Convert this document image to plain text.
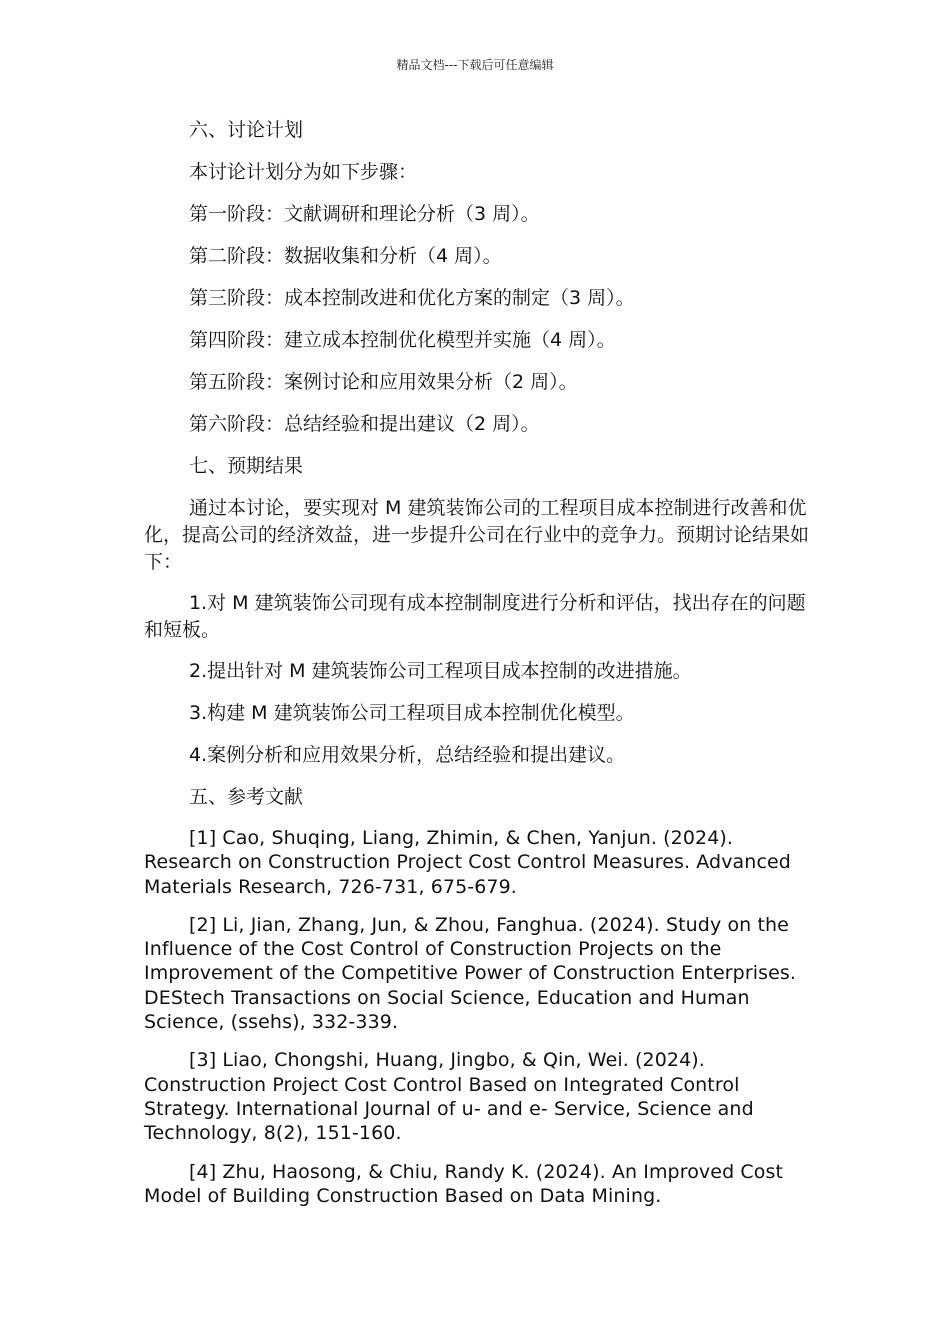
精品文档---下载后可任意编辑

六、讨论计划

本讨论计划分为如下步骤：

第一阶段：文献调研和理论分析（3 周）。

第二阶段：数据收集和分析（4 周）。

第三阶段：成本控制改进和优化方案的制定（3 周）。

第四阶段：建立成本控制优化模型并实施（4 周）。

第五阶段：案例讨论和应用效果分析（2 周）。

第六阶段：总结经验和提出建议（2 周）。

七、预期结果

通过本讨论，要实现对 M 建筑装饰公司的工程项目成本控制进行改善和优化，提高公司的经济效益，进一步提升公司在行业中的竞争力。预期讨论结果如下：

1.对 M 建筑装饰公司现有成本控制制度进行分析和评估，找出存在的问题和短板。

2.提出针对 M 建筑装饰公司工程项目成本控制的改进措施。

3.构建 M 建筑装饰公司工程项目成本控制优化模型。

4.案例分析和应用效果分析，总结经验和提出建议。

五、参考文献

[1] Cao, Shuqing, Liang, Zhimin, & Chen, Yanjun. (2024). Research on Construction Project Cost Control Measures. Advanced Materials Research, 726-731, 675-679.

[2] Li, Jian, Zhang, Jun, & Zhou, Fanghua. (2024). Study on the Influence of the Cost Control of Construction Projects on the Improvement of the Competitive Power of Construction Enterprises. DEStech Transactions on Social Science, Education and Human Science, (ssehs), 332-339.

[3] Liao, Chongshi, Huang, Jingbo, & Qin, Wei. (2024). Construction Project Cost Control Based on Integrated Control Strategy. International Journal of u- and e- Service, Science and Technology, 8(2), 151-160.

[4] Zhu, Haosong, & Chiu, Randy K. (2024). An Improved Cost Model of Building Construction Based on Data Mining.
